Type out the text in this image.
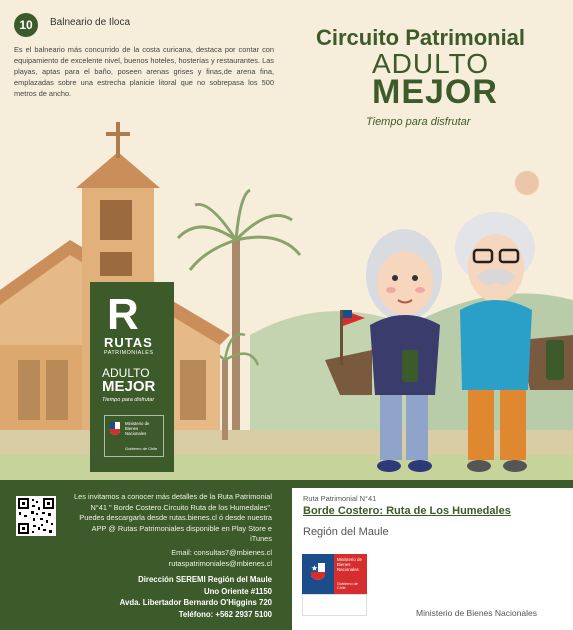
10	Balneario de Iloca
Es el balneario más concurrido de la costa curicana, destaca por contar con equipamiento de excelente nivel, buenos hoteles, hosterías y restaurantes. Las playas, aptas para el baño, poseen arenas grises y finas,de arena fina, emplazadas sobre una estrecha planicie litoral que no sobrepasa los 500 metros de ancho.
Circuito Patrimonial
ADULTO
MEJOR
Tiempo para disfrutar
R
RUTAS
PATRIMONIALES
ADULTO
MEJOR
Tiempo para disfrutar
Ministerio de
Bienes
Nacionales
Gobierno de Chile
Les invitamos a conocer más detalles de la Ruta Patrimonial N°41 " Borde Costero.Circuito Ruta de los Humedales". Puedes descargarla desde rutas.bienes.cl ó desde nuestra APP @ Rutas Patrimoniales disponible en Play Store e iTunes
Email: consultas7@mbienes.cl
rutaspatrimoniales@mbienes.cl
Dirección SEREMI Región del Maule
Uno Oriente #1150
Avda. Libertador Bernardo O'Higgins 720
Teléfono: +562 2937 5100
Ruta Patrimonial N°41
Borde Costero: Ruta de Los Humedales
Región del Maule
Ministerio de
Bienes
Nacionales
Gobierno de Chile
Ministerio de Bienes Nacionales
